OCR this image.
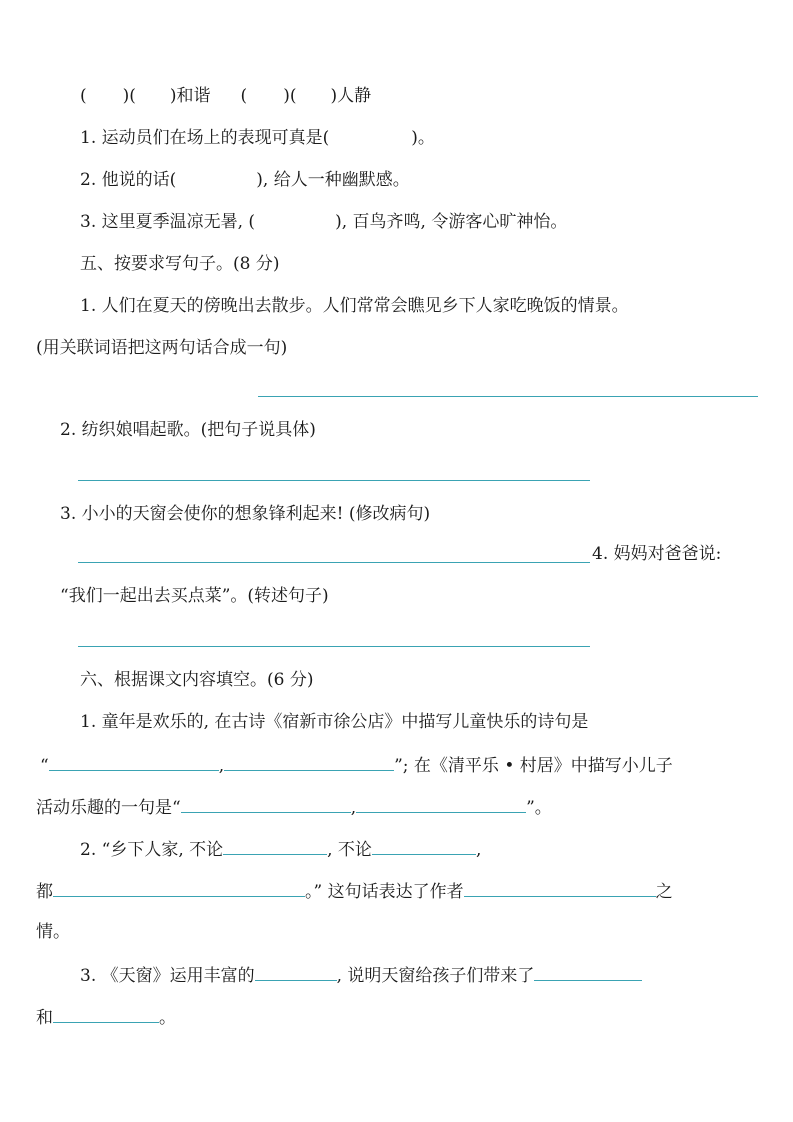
( )( )和谐 ( )( )人静
1. 运动员们在场上的表现可真是(	)。
2. 他说的话(	), 给人一种幽默感。
3. 这里夏季温凉无暑, (	), 百鸟齐鸣, 令游客心旷神怡。
五、按要求写句子。(8 分)
1. 人们在夏天的傍晚出去散步。人们常常会瞧见乡下人家吃晚饭的情景。
(用关联词语把这两句话合成一句)
2. 纺织娘唱起歌。(把句子说具体)
3. 小小的天窗会使你的想象锋利起来! (修改病句)
4. 妈妈对爸爸说:
“我们一起出去买点菜”。(转述句子)
六、根据课文内容填空。(6 分)
1. 童年是欢乐的, 在古诗《宿新市徐公店》中描写儿童快乐的诗句是
“	,	”; 在《清平乐 • 村居》中描写小儿子
活动乐趣的一句是“	,	”。
2. “乡下人家, 不论	, 不论	,
都	。” 这句话表达了作者	之
情。
3. 《天窗》运用丰富的	, 说明天窗给孩子们带来了
和	。
